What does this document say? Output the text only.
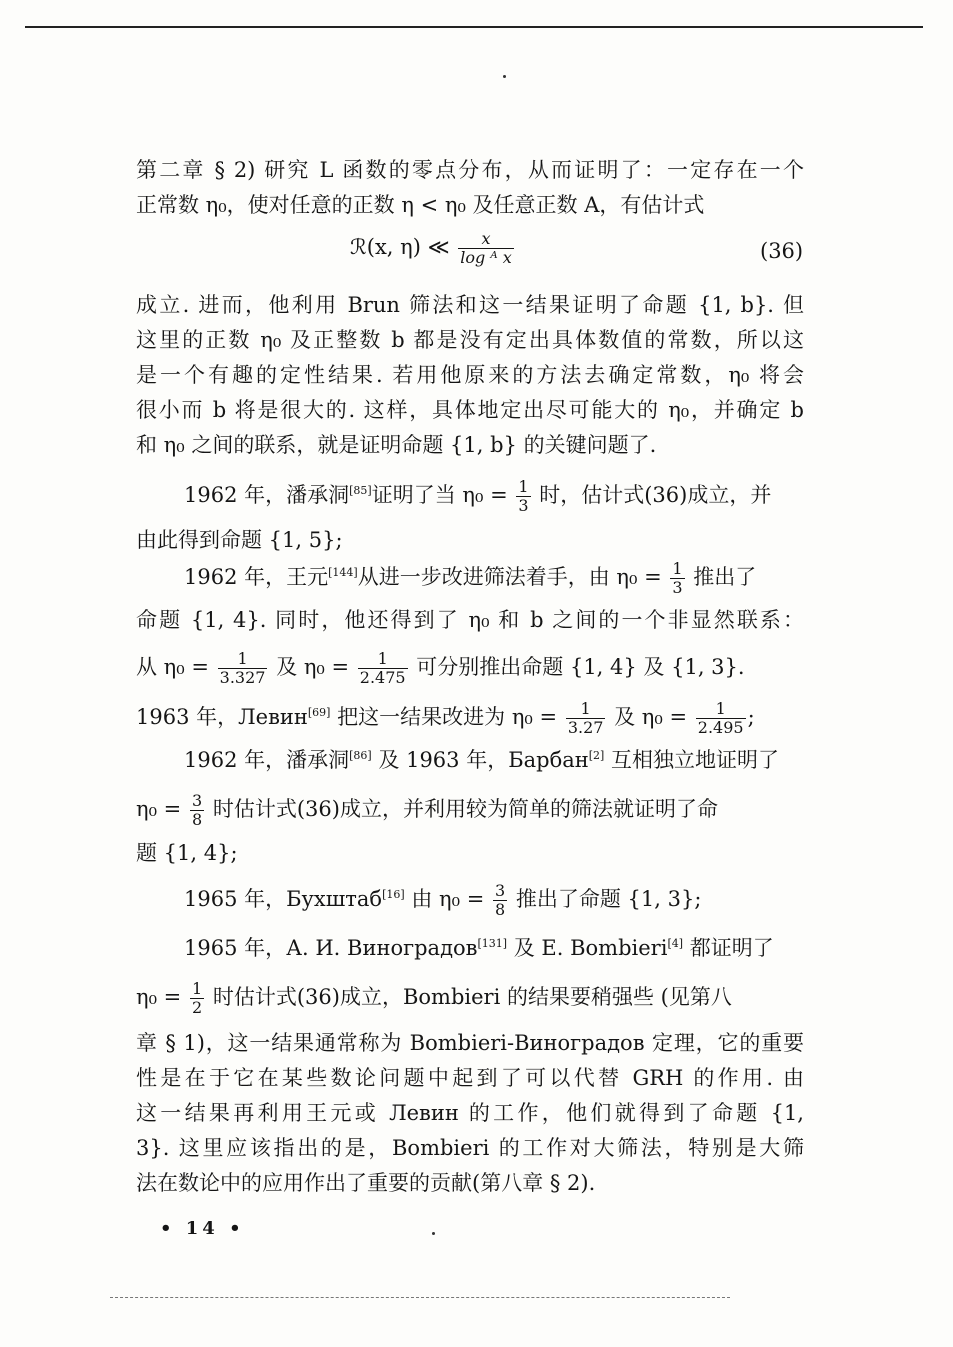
第二章 § 2) 研究 L 函数的零点分布，从而证明了：一定存在一个
正常数 η₀，使对任意的正数 η < η₀ 及任意正数 A，有估计式
ℛ(x, η) ≪ $\frac{x}{\text{log ᴬ x}}$	(36)
成立. 进而，他利用 Brun 筛法和这一结果证明了命题 {1, b}. 但
这里的正数 η₀ 及正整数 b 都是没有定出具体数值的常数，所以这
是一个有趣的定性结果. 若用他原来的方法去确定常数，η₀ 将会
很小而 b 将是很大的. 这样，具体地定出尽可能大的 η₀，并确定 b
和 η₀ 之间的联系，就是证明命题 {1, b} 的关键问题了.
1962 年，潘承洞[85]证明了当 $\eta_0 = \frac{1}{3}$ 时，估计式(36)成立，并
由此得到命题 {1, 5};
1962 年，王元[144]从进一步改进筛法着手，由 $\eta_0 = \frac{1}{3}$ 推出了
命题 {1, 4}. 同时，他还得到了 η₀ 和 b 之间的一个非显然联系：
从 $\eta_0 = \frac{1}{3.327}$ 及 $\eta_0 = \frac{1}{2.475}$ 可分别推出命题 {1, 4} 及 {1, 3}.
1963 年，Левин[69] 把这一结果改进为 $\eta_0 = \frac{1}{3.27}$ 及 $\eta_0 = \frac{1}{2.495}$ ;
1962 年，潘承洞[86] 及 1963 年，Барбан[2] 互相独立地证明了
$\eta_0 = \frac{3}{8}$ 时估计式(36)成立，并利用较为简单的筛法就证明了命
题 {1, 4};
1965 年，Бухштаб[16] 由 $\eta_0 = \frac{3}{8}$ 推出了命题 {1, 3};
1965 年，А. И. Виноградов[131] 及 E. Bombieri[4] 都证明了
$\eta_0 = \frac{1}{2}$ 时估计式(36)成立，Bombieri 的结果要稍强些 (见第八
章 § 1)，这一结果通常称为 Bombieri-Виноградов 定理，它的重要
性是在于它在某些数论问题中起到了可以代替 GRH 的作用. 由
这一结果再利用王元或 Левин 的工作，他们就得到了命题 {1,
3}. 这里应该指出的是，Bombieri 的工作对大筛法，特别是大筛
法在数论中的应用作出了重要的贡献(第八章 § 2).
• 14 •
